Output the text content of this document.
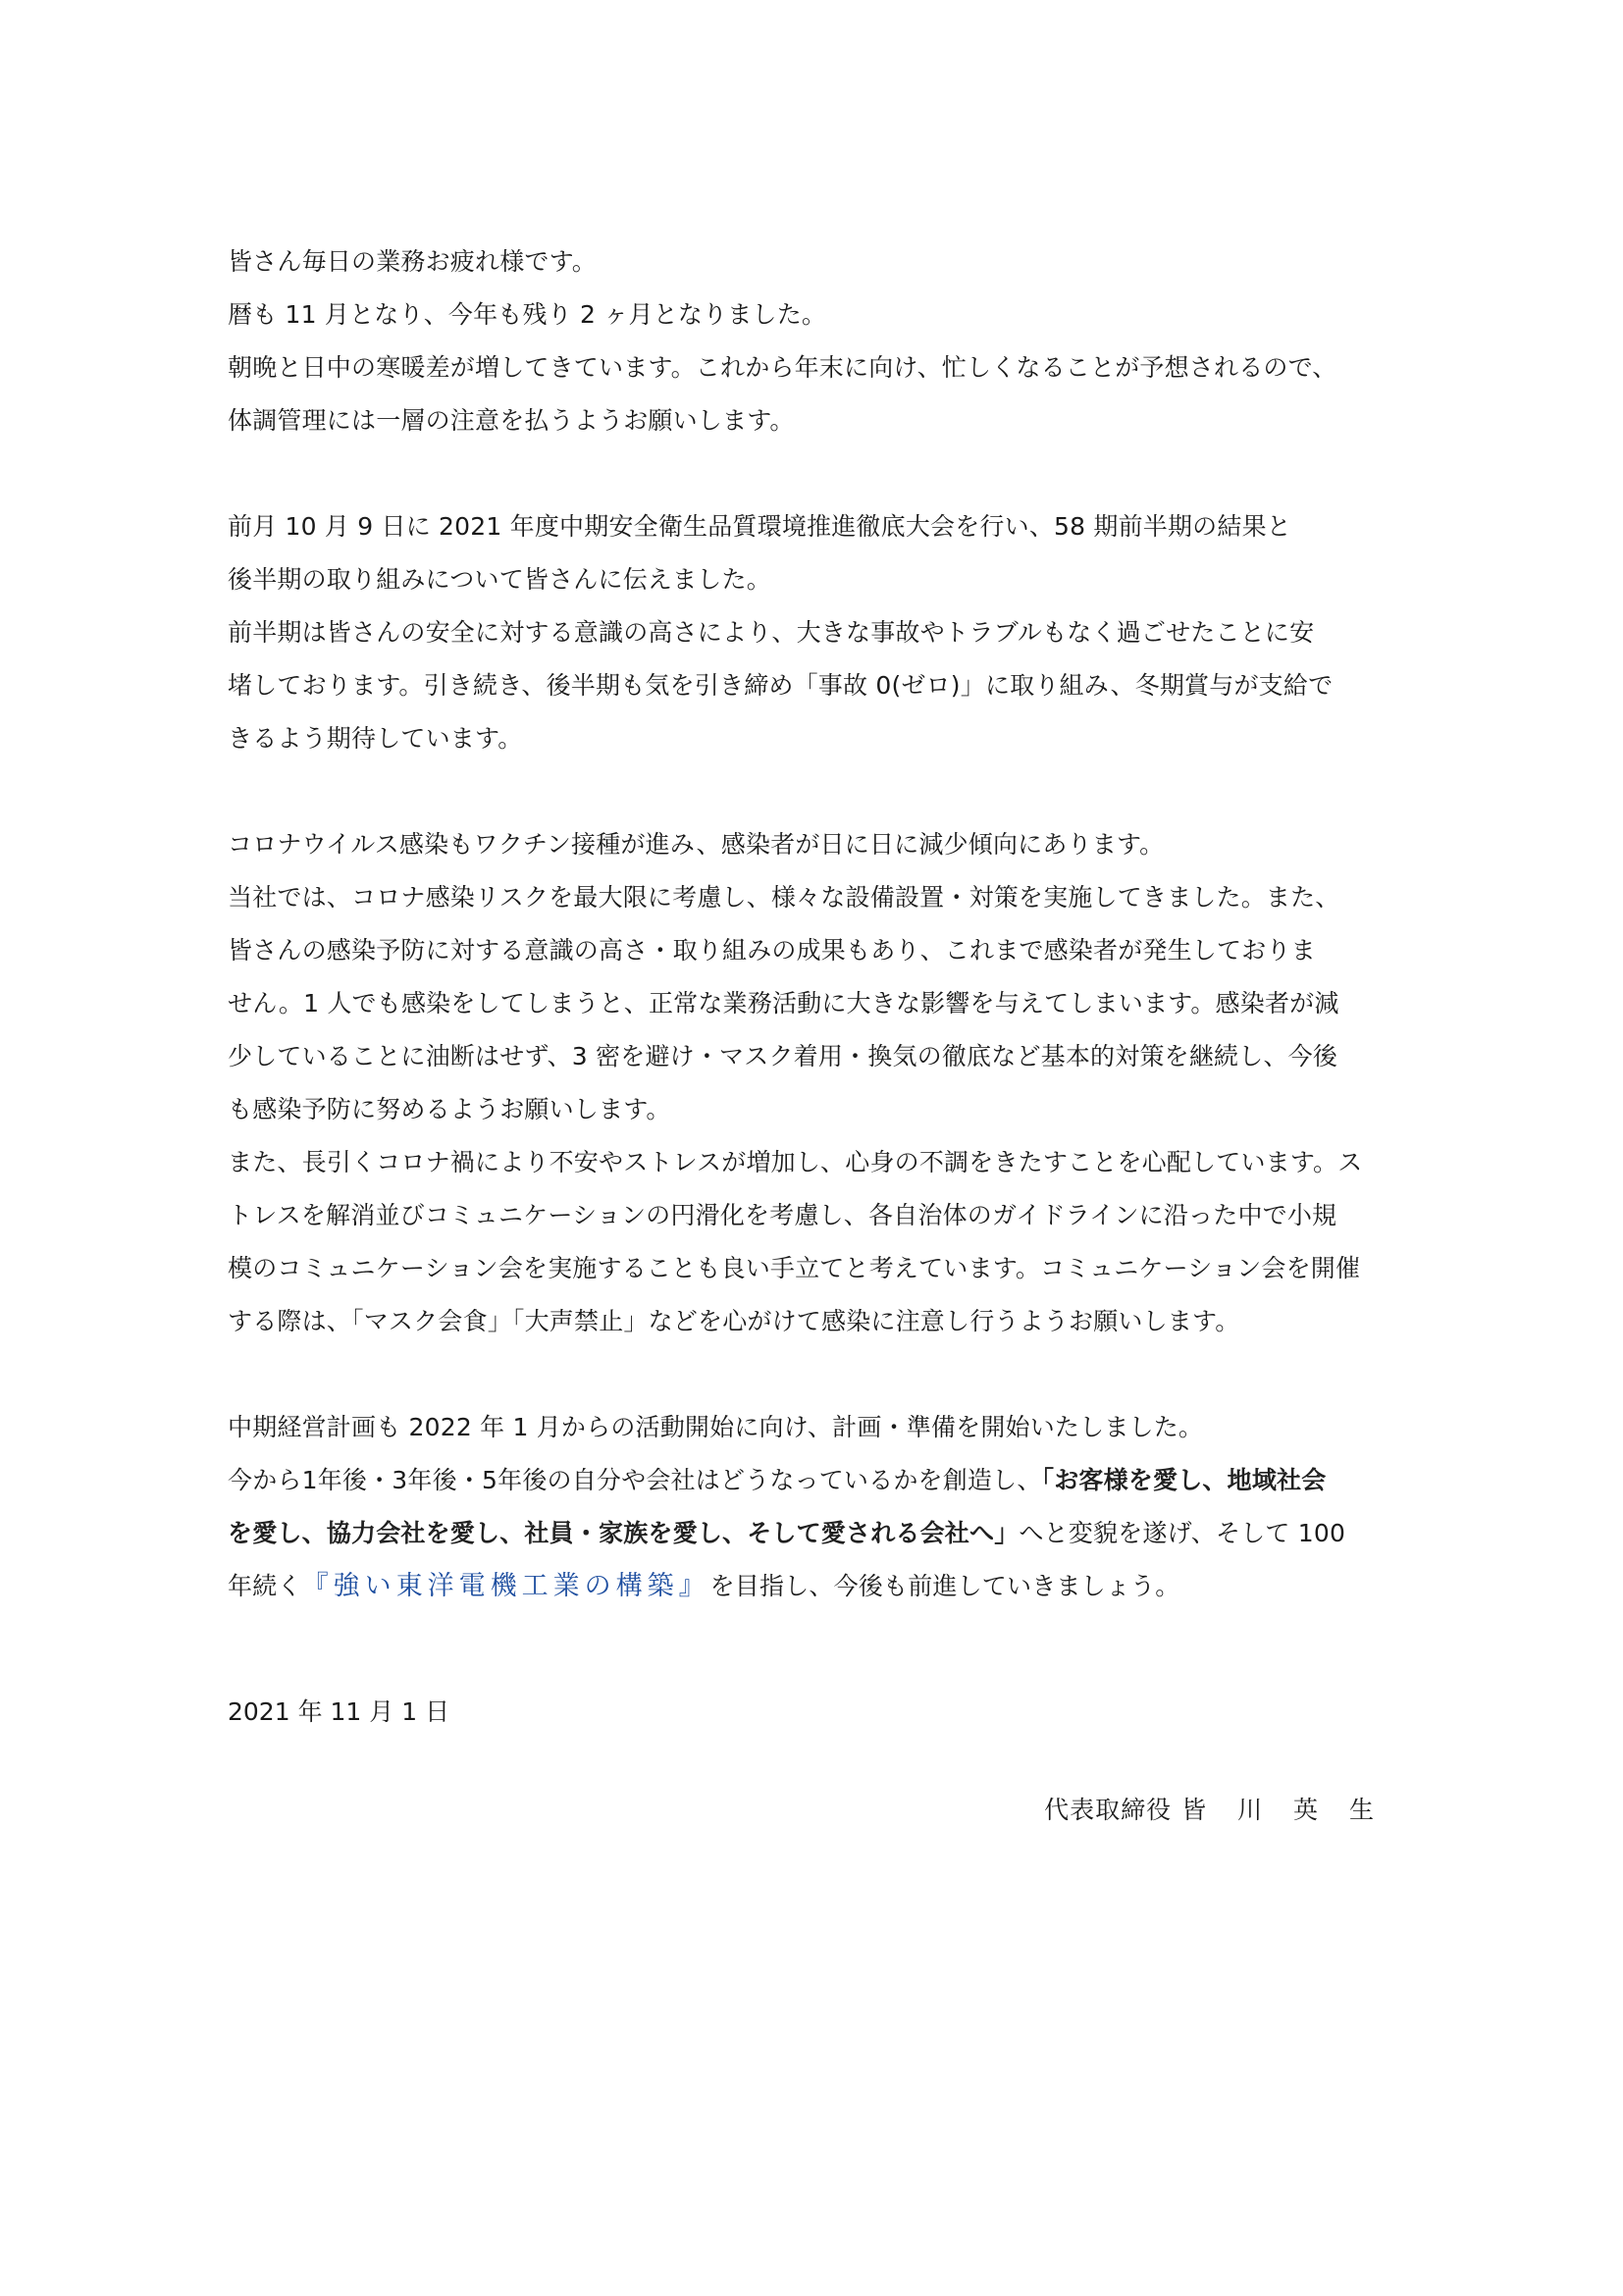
皆さん毎日の業務お疲れ様です。
暦も 11 月となり、今年も残り 2 ヶ月となりました。
朝晩と日中の寒暖差が増してきています。これから年末に向け、忙しくなることが予想されるので、
体調管理には一層の注意を払うようお願いします。

前月 10 月 9 日に 2021 年度中期安全衛生品質環境推進徹底大会を行い、58 期前半期の結果と
後半期の取り組みについて皆さんに伝えました。
前半期は皆さんの安全に対する意識の高さにより、大きな事故やトラブルもなく過ごせたことに安
堵しております。引き続き、後半期も気を引き締め「事故 0(ゼロ)」に取り組み、冬期賞与が支給で
きるよう期待しています。

コロナウイルス感染もワクチン接種が進み、感染者が日に日に減少傾向にあります。
当社では、コロナ感染リスクを最大限に考慮し、様々な設備設置・対策を実施してきました。また、
皆さんの感染予防に対する意識の高さ・取り組みの成果もあり、これまで感染者が発生しておりま
せん。1 人でも感染をしてしまうと、正常な業務活動に大きな影響を与えてしまいます。感染者が減
少していることに油断はせず、3 密を避け・マスク着用・換気の徹底など基本的対策を継続し、今後
も感染予防に努めるようお願いします。
また、長引くコロナ禍により不安やストレスが増加し、心身の不調をきたすことを心配しています。ス
トレスを解消並びコミュニケーションの円滑化を考慮し、各自治体のガイドラインに沿った中で小規
模のコミュニケーション会を実施することも良い手立てと考えています。コミュニケーション会を開催
する際は、「マスク会食」「大声禁止」などを心がけて感染に注意し行うようお願いします。

中期経営計画も 2022 年 1 月からの活動開始に向け、計画・準備を開始いたしました。
今から1年後・3年後・5年後の自分や会社はどうなっているかを創造し、「お客様を愛し、地域社会
を愛し、協力会社を愛し、社員・家族を愛し、そして愛される会社へ」へと変貌を遂げ、そして 100
年続く『強い東洋電機工業の構築』を目指し、今後も前進していきましょう。

2021 年 11 月 1 日
代表取締役 皆 川 英 生
